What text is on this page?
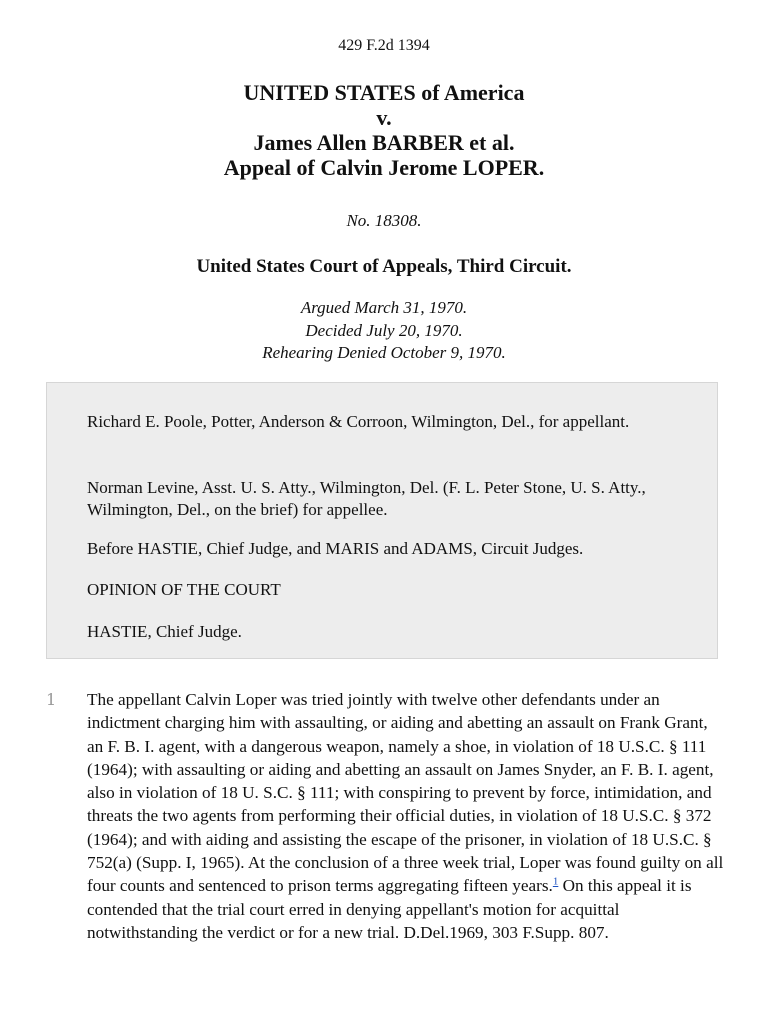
429 F.2d 1394
UNITED STATES of America
v.
James Allen BARBER et al.
Appeal of Calvin Jerome LOPER.
No. 18308.
United States Court of Appeals, Third Circuit.
Argued March 31, 1970.
Decided July 20, 1970.
Rehearing Denied October 9, 1970.

Richard E. Poole, Potter, Anderson & Corroon, Wilmington, Del., for appellant.

Norman Levine, Asst. U. S. Atty., Wilmington, Del. (F. L. Peter Stone, U. S. Atty., Wilmington, Del., on the brief) for appellee.

Before HASTIE, Chief Judge, and MARIS and ADAMS, Circuit Judges.

OPINION OF THE COURT

HASTIE, Chief Judge.

1 The appellant Calvin Loper was tried jointly with twelve other defendants under an indictment charging him with assaulting, or aiding and abetting an assault on Frank Grant, an F. B. I. agent, with a dangerous weapon, namely a shoe, in violation of 18 U.S.C. § 111 (1964); with assaulting or aiding and abetting an assault on James Snyder, an F. B. I. agent, also in violation of 18 U. S.C. § 111; with conspiring to prevent by force, intimidation, and threats the two agents from performing their official duties, in violation of 18 U.S.C. § 372 (1964); and with aiding and assisting the escape of the prisoner, in violation of 18 U.S.C. § 752(a) (Supp. I, 1965). At the conclusion of a three week trial, Loper was found guilty on all four counts and sentenced to prison terms aggregating fifteen years.$^1$ On this appeal it is contended that the trial court erred in denying appellant's motion for acquittal notwithstanding the verdict or for a new trial. D.Del.1969, 303 F.Supp. 807.
